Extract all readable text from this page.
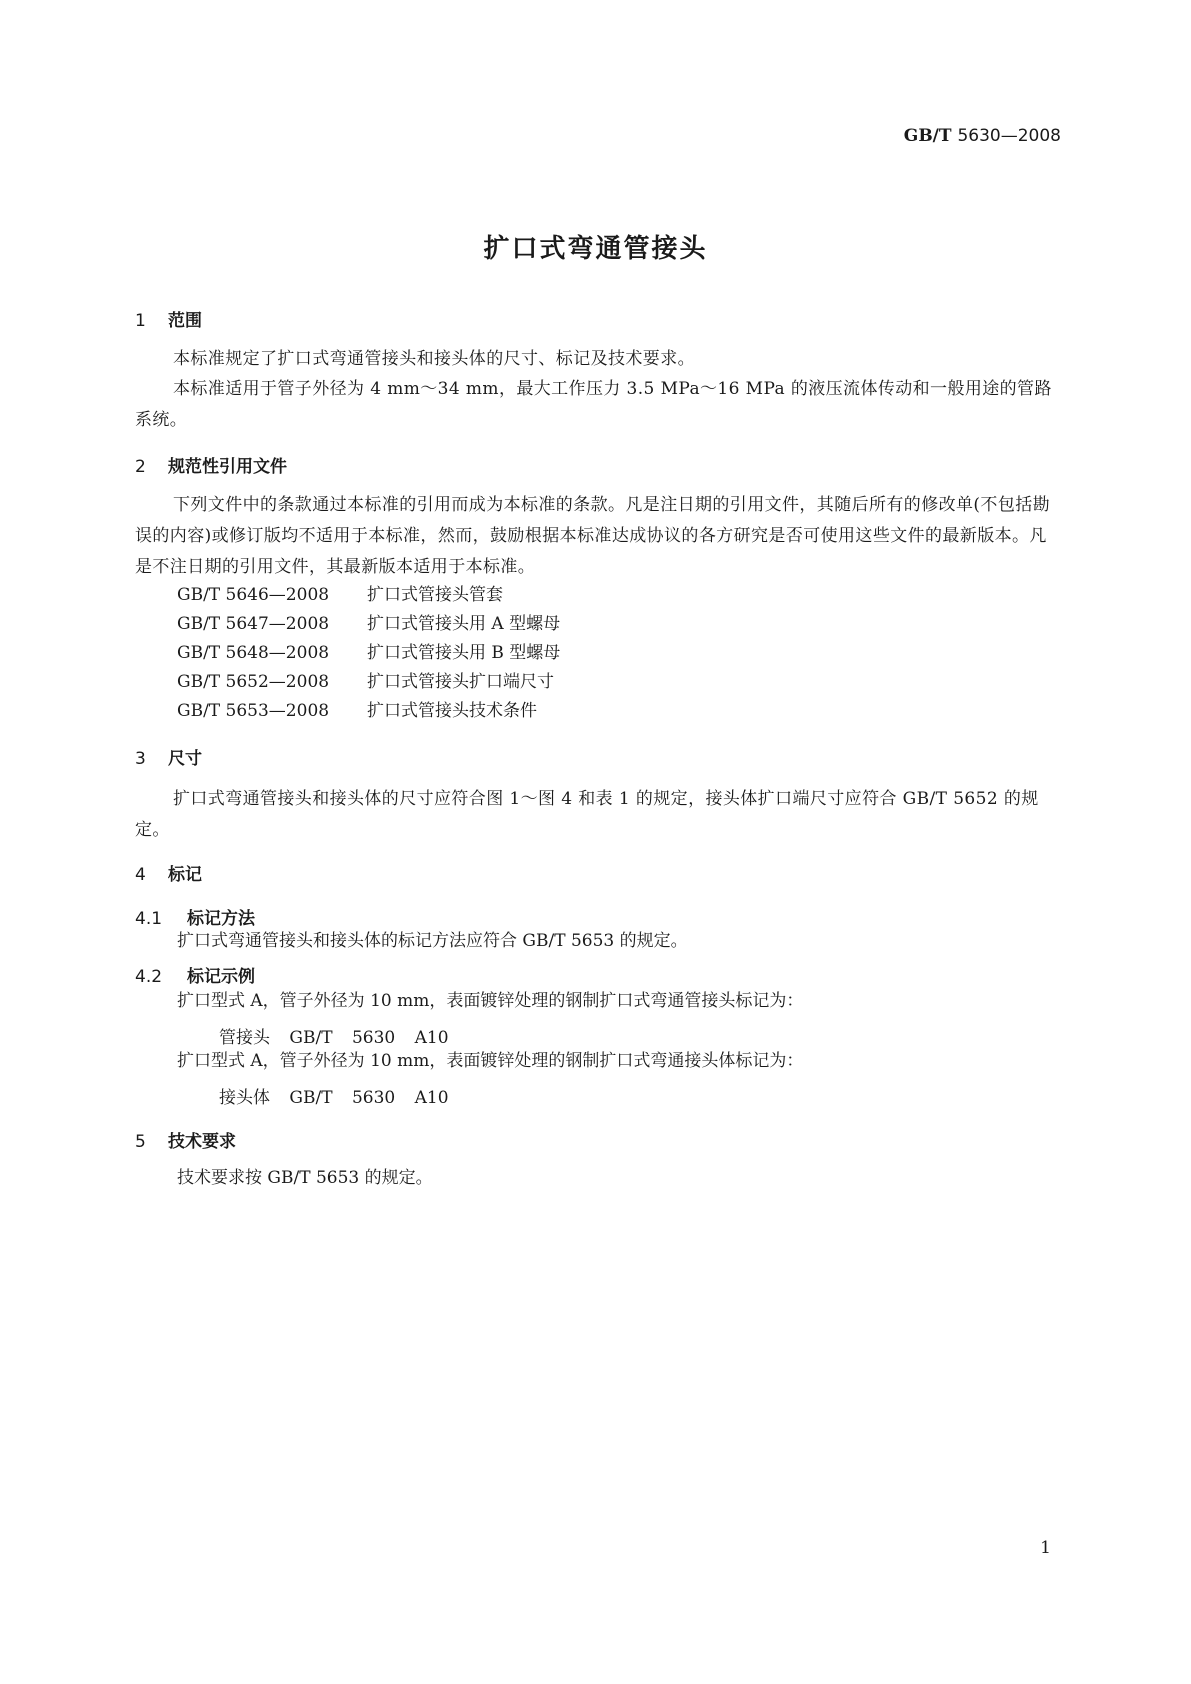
GB/T 5630—2008
扩口式弯通管接头
1 范围
本标准规定了扩口式弯通管接头和接头体的尺寸、标记及技术要求。
本标准适用于管子外径为 4 mm～34 mm，最大工作压力 3.5 MPa～16 MPa 的液压流体传动和一般用途的管路系统。
2 规范性引用文件
下列文件中的条款通过本标准的引用而成为本标准的条款。凡是注日期的引用文件，其随后所有的修改单(不包括勘误的内容)或修订版均不适用于本标准，然而，鼓励根据本标准达成协议的各方研究是否可使用这些文件的最新版本。凡是不注日期的引用文件，其最新版本适用于本标准。
GB/T 5646—2008 扩口式管接头管套
GB/T 5647—2008 扩口式管接头用 A 型螺母
GB/T 5648—2008 扩口式管接头用 B 型螺母
GB/T 5652—2008 扩口式管接头扩口端尺寸
GB/T 5653—2008 扩口式管接头技术条件
3 尺寸
扩口式弯通管接头和接头体的尺寸应符合图 1～图 4 和表 1 的规定，接头体扩口端尺寸应符合 GB/T 5652 的规定。
4 标记
4.1 标记方法
扩口式弯通管接头和接头体的标记方法应符合 GB/T 5653 的规定。
4.2 标记示例
扩口型式 A，管子外径为 10 mm，表面镀锌处理的钢制扩口式弯通管接头标记为：
管接头 GB/T 5630 A10
扩口型式 A，管子外径为 10 mm，表面镀锌处理的钢制扩口式弯通接头体标记为：
接头体 GB/T 5630 A10
5 技术要求
技术要求按 GB/T 5653 的规定。
1
